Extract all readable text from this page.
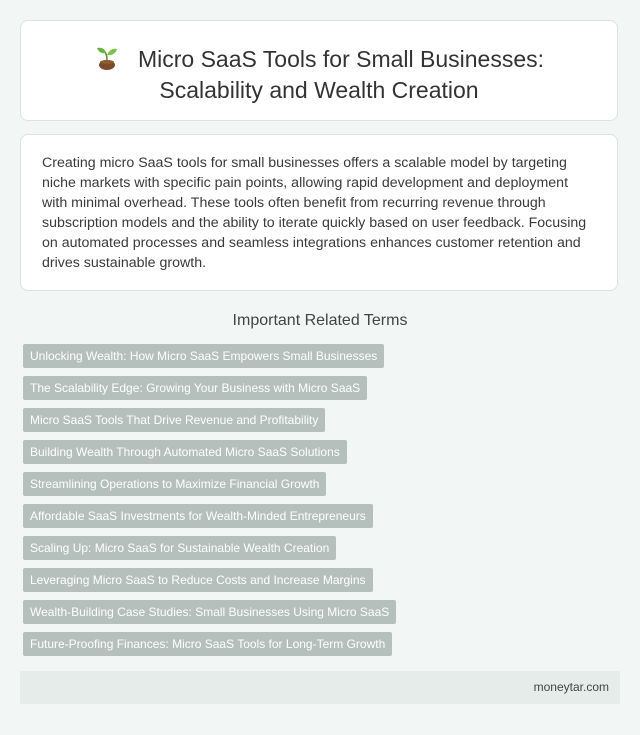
Micro SaaS Tools for Small Businesses:
Scalability and Wealth Creation

Creating micro SaaS tools for small businesses offers a scalable model by targeting niche markets with specific pain points, allowing rapid development and deployment with minimal overhead. These tools often benefit from recurring revenue through subscription models and the ability to iterate quickly based on user feedback. Focusing on automated processes and seamless integrations enhances customer retention and drives sustainable growth.

Important Related Terms
Unlocking Wealth: How Micro SaaS Empowers Small Businesses
The Scalability Edge: Growing Your Business with Micro SaaS
Micro SaaS Tools That Drive Revenue and Profitability
Building Wealth Through Automated Micro SaaS Solutions
Streamlining Operations to Maximize Financial Growth
Affordable SaaS Investments for Wealth-Minded Entrepreneurs
Scaling Up: Micro SaaS for Sustainable Wealth Creation
Leveraging Micro SaaS to Reduce Costs and Increase Margins
Wealth-Building Case Studies: Small Businesses Using Micro SaaS
Future-Proofing Finances: Micro SaaS Tools for Long-Term Growth
moneytar.com
